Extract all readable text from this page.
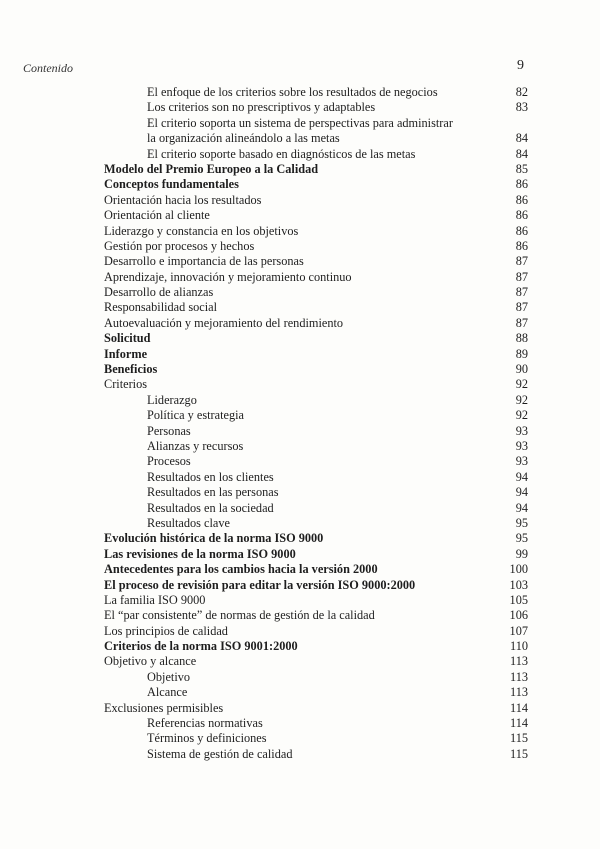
Contenido	9
El enfoque de los criterios sobre los resultados de negocios	82
Los criterios son no prescriptivos y adaptables	83
El criterio soporta un sistema de perspectivas para administrar
la organización alineándolo a las metas	84
El criterio soporte basado en diagnósticos de las metas	84
Modelo del Premio Europeo a la Calidad	85
Conceptos fundamentales	86
Orientación hacia los resultados	86
Orientación al cliente	86
Liderazgo y constancia en los objetivos	86
Gestión por procesos y hechos	86
Desarrollo e importancia de las personas	87
Aprendizaje, innovación y mejoramiento continuo	87
Desarrollo de alianzas	87
Responsabilidad social	87
Autoevaluación y mejoramiento del rendimiento	87
Solicitud	88
Informe	89
Beneficios	90
Criterios	92
Liderazgo	92
Política y estrategia	92
Personas	93
Alianzas y recursos	93
Procesos	93
Resultados en los clientes	94
Resultados en las personas	94
Resultados en la sociedad	94
Resultados clave	95
Evolución histórica de la norma ISO 9000	95
Las revisiones de la norma ISO 9000	99
Antecedentes para los cambios hacia la versión 2000	100
El proceso de revisión para editar la versión ISO 9000:2000	103
La familia ISO 9000	105
El “par consistente” de normas de gestión de la calidad	106
Los principios de calidad	107
Criterios de la norma ISO 9001:2000	110
Objetivo y alcance	113
Objetivo	113
Alcance	113
Exclusiones permisibles	114
Referencias normativas	114
Términos y definiciones	115
Sistema de gestión de calidad	115
